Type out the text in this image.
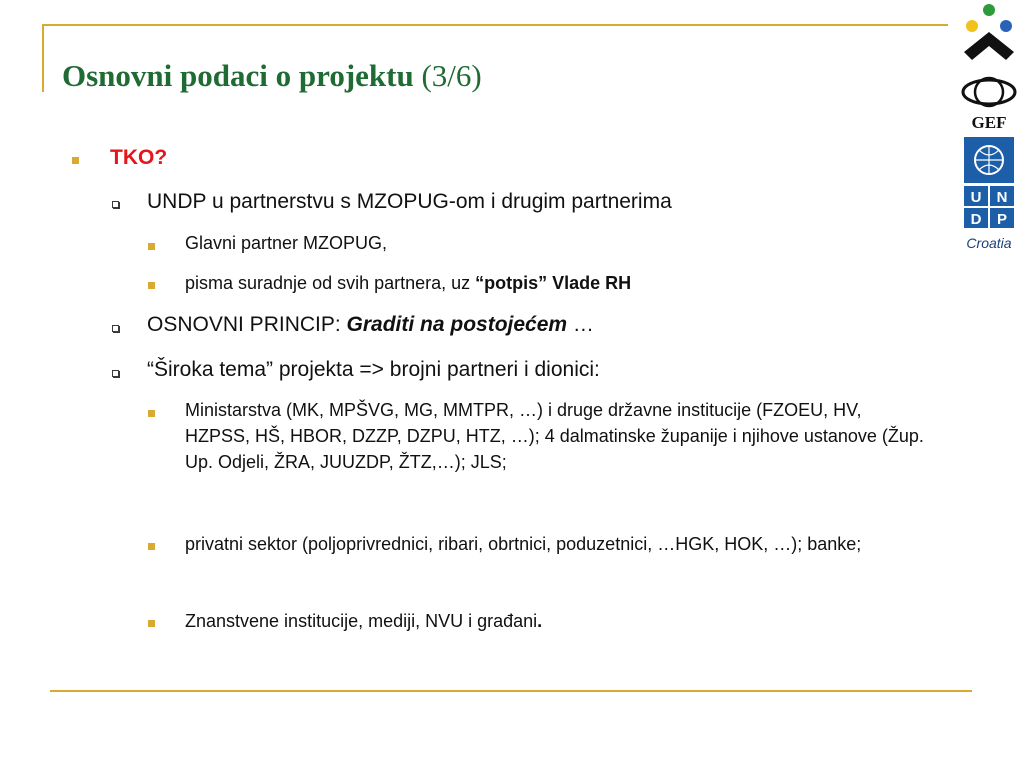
Osnovni podaci o projektu (3/6)
GEF
U N
D P
Croatia
TKO?
UNDP u partnerstvu s MZOPUG-om i drugim partnerima
Glavni partner MZOPUG,
pisma suradnje od svih partnera, uz “potpis” Vlade RH
OSNOVNI PRINCIP: Graditi na postojećem …
“Široka tema” projekta => brojni partneri i dionici:
Ministarstva (MK, MPŠVG, MG, MMTPR, …) i druge državne institucije (FZOEU, HV, HZPSS, HŠ, HBOR, DZZP, DZPU, HTZ, …); 4 dalmatinske županije i njihove ustanove (Žup. Up. Odjeli, ŽRA, JUUZDP, ŽTZ,…); JLS;
privatni sektor (poljoprivrednici, ribari, obrtnici, poduzetnici, …HGK, HOK, …); banke;
Znanstvene institucije, mediji, NVU i građani.
